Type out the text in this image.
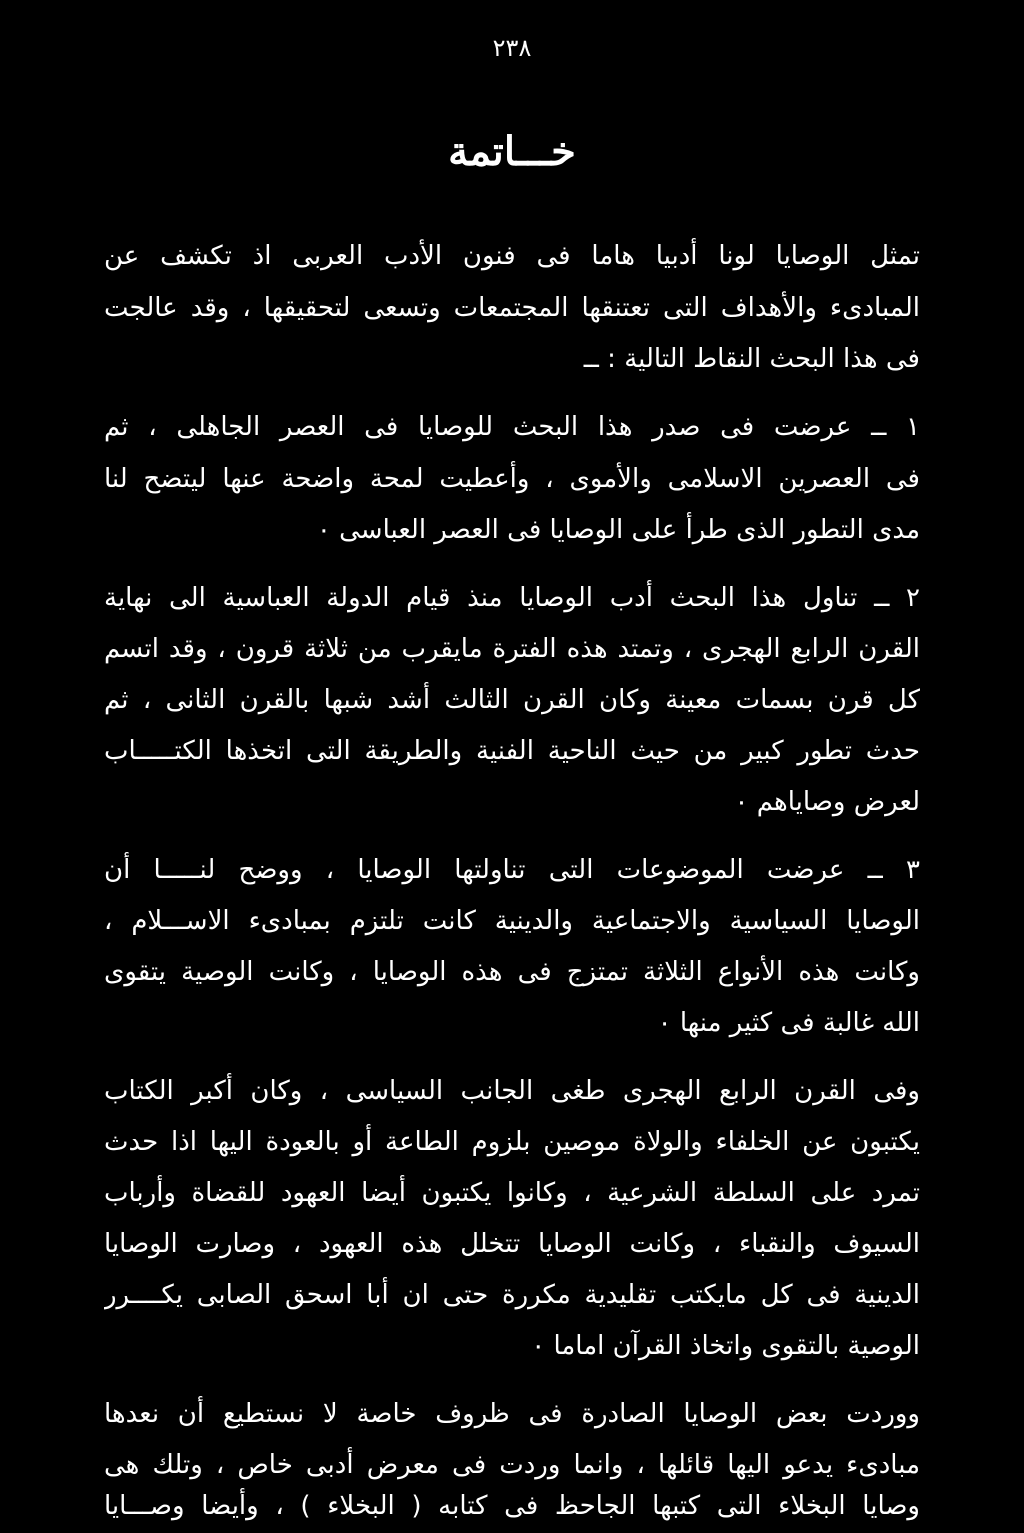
٢٣٨
خـــاتمة
تمثل الوصايا لونا أدبيا هاما فى فنون الأدب العربى اذ تكشف عن
المبادىء والأهداف التى تعتنقها المجتمعات وتسعى لتحقيقها ، وقد عالجت
فى هذا البحث النقاط التالية : ــ
١ ــ عرضت فى صدر هذا البحث للوصايا فى العصر الجاهلى ، ثم
فى العصرين الاسلامى والأموى ، وأعطيت لمحة واضحة عنها ليتضح لنا
مدى التطور الذى طرأ على الوصايا فى العصر العباسى ٠
٢ ــ تناول هذا البحث أدب الوصايا منذ قيام الدولة العباسية الى نهاية
القرن الرابع الهجرى ، وتمتد هذه الفترة مايقرب من ثلاثة قرون ، وقد اتسم
كل قرن بسمات معينة وكان القرن الثالث أشد شبها بالقرن الثانى ، ثم
حدث تطور كبير من حيث الناحية الفنية والطريقة التى اتخذها الكتـــــاب
لعرض وصاياهم ٠
٣ ــ عرضت الموضوعات التى تناولتها الوصايا ، ووضح لنـــــا أن
الوصايا السياسية والاجتماعية والدينية كانت تلتزم بمبادىء الاســـلام ،
وكانت هذه الأنواع الثلاثة تمتزج فى هذه الوصايا ، وكانت الوصية يتقوى
الله غالبة فى كثير منها ٠
وفى القرن الرابع الهجرى طغى الجانب السياسى ، وكان أكبر الكتاب
يكتبون عن الخلفاء والولاة موصين بلزوم الطاعة أو بالعودة اليها اذا حدث
تمرد على السلطة الشرعية ، وكانوا يكتبون أيضا العهود للقضاة وأرباب
السيوف والنقباء ، وكانت الوصايا تتخلل هذه العهود ، وصارت الوصايا
الدينية فى كل مايكتب تقليدية مكررة حتى ان أبا اسحق الصابى يكــــرر
الوصية بالتقوى واتخاذ القرآن اماما ٠
ووردت بعض الوصايا الصادرة فى ظروف خاصة لا نستطيع أن نعدها
مبادىء يدعو اليها قائلها ، وانما وردت فى معرض أدبى خاص ، وتلك هى
وصايا البخلاء التى كتبها الجاحظ فى كتابه ( البخلاء ) ، وأيضا وصـــايا
